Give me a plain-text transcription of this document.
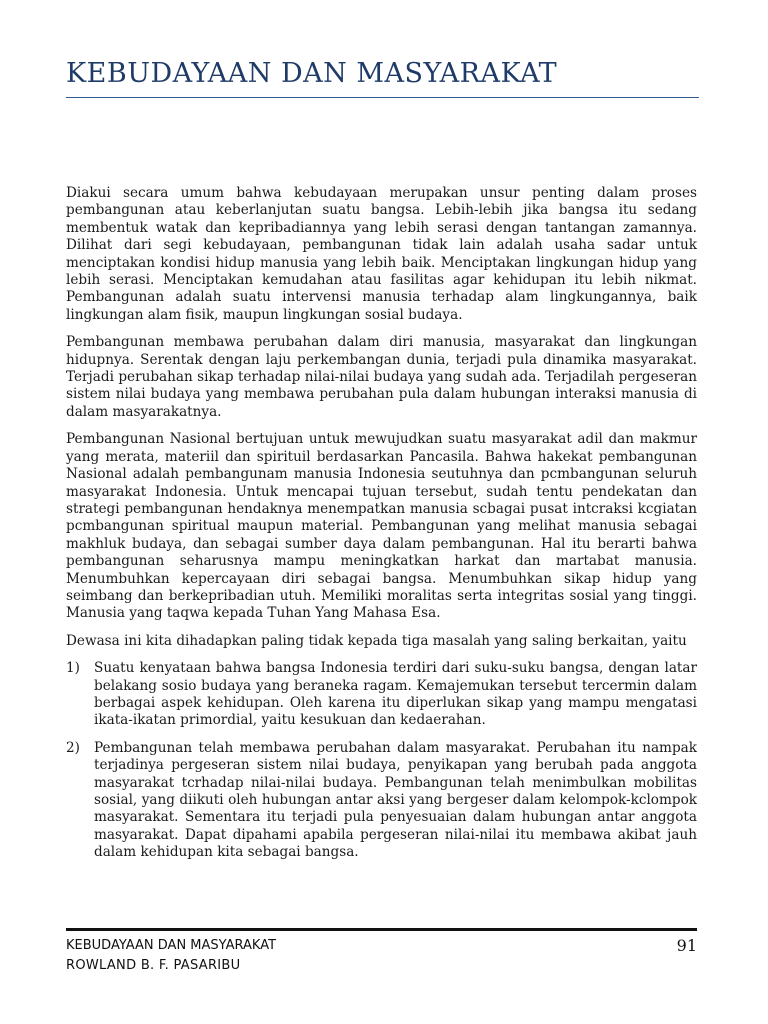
KEBUDAYAAN DAN MASYARAKAT

Diakui secara umum bahwa kebudayaan merupakan unsur penting dalam proses pembangunan atau keberlanjutan suatu bangsa. Lebih-lebih jika bangsa itu sedang membentuk watak dan kepribadiannya yang lebih serasi dengan tantangan zamannya. Dilihat dari segi kebudayaan, pembangunan tidak lain adalah usaha sadar untuk menciptakan kondisi hidup manusia yang lebih baik. Menciptakan lingkungan hidup yang lebih serasi. Menciptakan kemudahan atau fasilitas agar kehidupan itu lebih nikmat. Pembangunan adalah suatu intervensi manusia terhadap alam lingkungannya, baik lingkungan alam fisik, maupun lingkungan sosial budaya.

Pembangunan membawa perubahan dalam diri manusia, masyarakat dan lingkungan hidupnya. Serentak dengan laju perkembangan dunia, terjadi pula dinamika masyarakat. Terjadi perubahan sikap terhadap nilai-nilai budaya yang sudah ada. Terjadilah pergeseran sistem nilai budaya yang membawa perubahan pula dalam hubungan interaksi manusia di dalam masyarakatnya.

Pembangunan Nasional bertujuan untuk mewujudkan suatu masyarakat adil dan makmur yang merata, materiil dan spirituil berdasarkan Pancasila. Bahwa hakekat pembangunan Nasional adalah pembangunam manusia Indonesia seutuhnya dan pcmbangunan seluruh masyarakat Indonesia. Untuk mencapai tujuan tersebut, sudah tentu pendekatan dan strategi pembangunan hendaknya menempatkan manusia scbagai pusat intcraksi kcgiatan pcmbangunan spiritual maupun material. Pembangunan yang melihat manusia sebagai makhluk budaya, dan sebagai sumber daya dalam pembangunan. Hal itu berarti bahwa pembangunan seharusnya mampu meningkatkan harkat dan martabat manusia. Menumbuhkan kepercayaan diri sebagai bangsa. Menumbuhkan sikap hidup yang seimbang dan berkepribadian utuh. Memiliki moralitas serta integritas sosial yang tinggi. Manusia yang taqwa kepada Tuhan Yang Mahasa Esa.

Dewasa ini kita dihadapkan paling tidak kepada tiga masalah yang saling berkaitan, yaitu

1) Suatu kenyataan bahwa bangsa Indonesia terdiri dari suku-suku bangsa, dengan latar belakang sosio budaya yang beraneka ragam. Kemajemukan tersebut tercermin dalam berbagai aspek kehidupan. Oleh karena itu diperlukan sikap yang mampu mengatasi ikata-ikatan primordial, yaitu kesukuan dan kedaerahan.
2) Pembangunan telah membawa perubahan dalam masyarakat. Perubahan itu nampak terjadinya pergeseran sistem nilai budaya, penyikapan yang berubah pada anggota masyarakat tcrhadap nilai-nilai budaya. Pembangunan telah menimbulkan mobilitas sosial, yang diikuti oleh hubungan antar aksi yang bergeser dalam kelompok-kclompok masyarakat. Sementara itu terjadi pula penyesuaian dalam hubungan antar anggota masyarakat. Dapat dipahami apabila pergeseran nilai-nilai itu membawa akibat jauh dalam kehidupan kita sebagai bangsa.
KEBUDAYAAN DAN MASYARAKAT	91
ROWLAND B. F. PASARIBU
